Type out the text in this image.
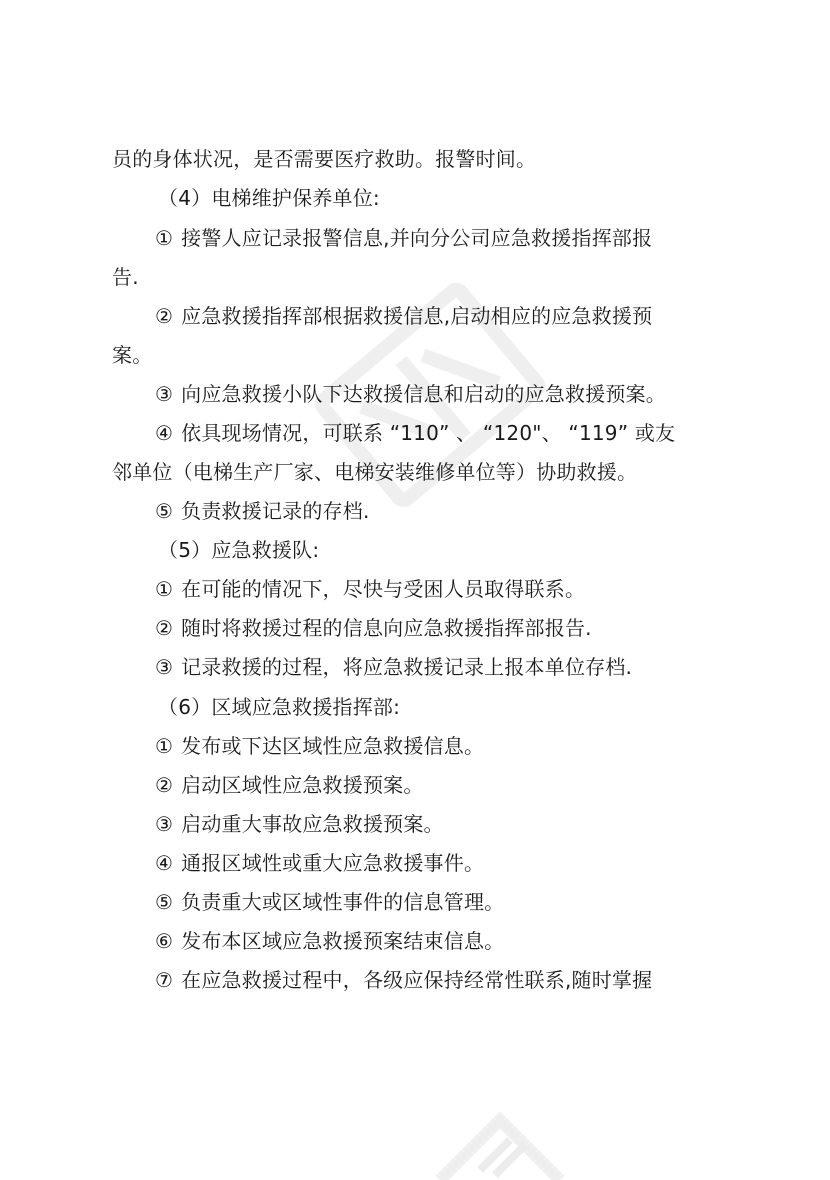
员的身体状况，是否需要医疗救助。报警时间。
（4）电梯维护保养单位:
① 接警人应记录报警信息,并向分公司应急救援指挥部报
告.
② 应急救援指挥部根据救援信息,启动相应的应急救援预
案。
③ 向应急救援小队下达救援信息和启动的应急救援预案。
④ 依具现场情况，可联系 “110” 、 “120"、 “119” 或友
邻单位（电梯生产厂家、电梯安装维修单位等）协助救援。
⑤ 负责救援记录的存档.
（5）应急救援队:
① 在可能的情况下，尽快与受困人员取得联系。
② 随时将救援过程的信息向应急救援指挥部报告.
③ 记录救援的过程，将应急救援记录上报本单位存档.
（6）区域应急救援指挥部:
① 发布或下达区域性应急救援信息。
② 启动区域性应急救援预案。
③ 启动重大事故应急救援预案。
④ 通报区域性或重大应急救援事件。
⑤ 负责重大或区域性事件的信息管理。
⑥ 发布本区域应急救援预案结束信息。
⑦ 在应急救援过程中，各级应保持经常性联系,随时掌握
